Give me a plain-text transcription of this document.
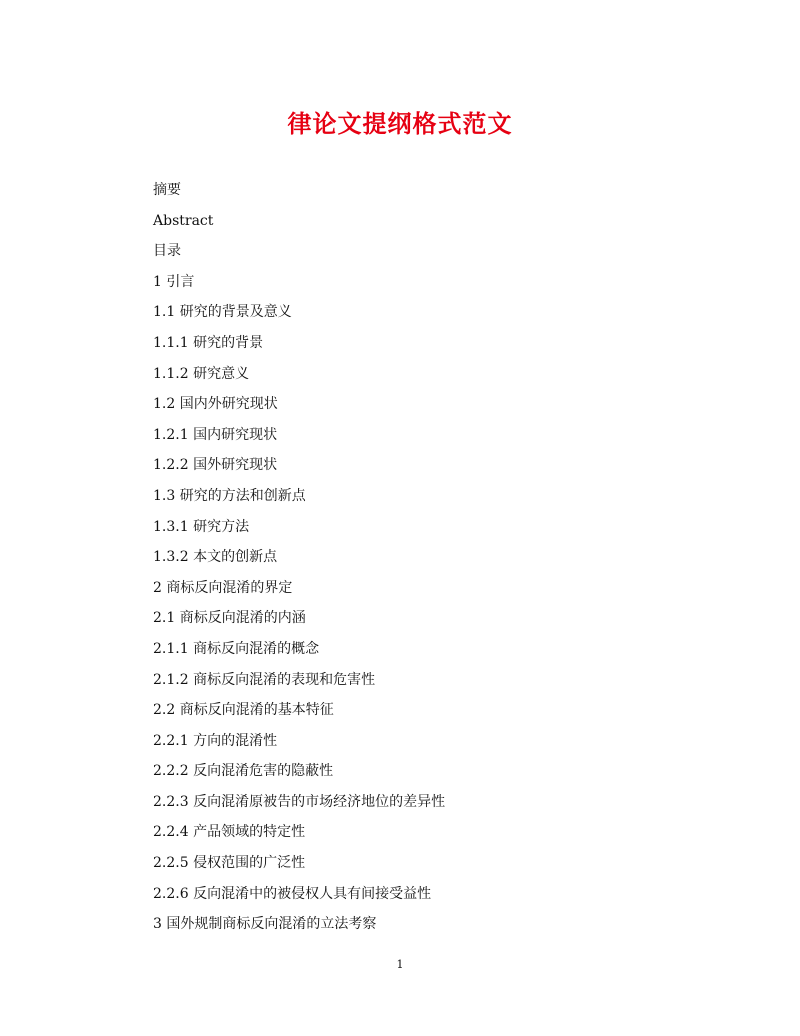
律论文提纲格式范文
摘要
Abstract
目录
1 引言
1.1 研究的背景及意义
1.1.1 研究的背景
1.1.2 研究意义
1.2 国内外研究现状
1.2.1 国内研究现状
1.2.2 国外研究现状
1.3 研究的方法和创新点
1.3.1 研究方法
1.3.2 本文的创新点
2 商标反向混淆的界定
2.1 商标反向混淆的内涵
2.1.1 商标反向混淆的概念
2.1.2 商标反向混淆的表现和危害性
2.2 商标反向混淆的基本特征
2.2.1 方向的混淆性
2.2.2 反向混淆危害的隐蔽性
2.2.3 反向混淆原被告的市场经济地位的差异性
2.2.4 产品领域的特定性
2.2.5 侵权范围的广泛性
2.2.6 反向混淆中的被侵权人具有间接受益性
3 国外规制商标反向混淆的立法考察
1
